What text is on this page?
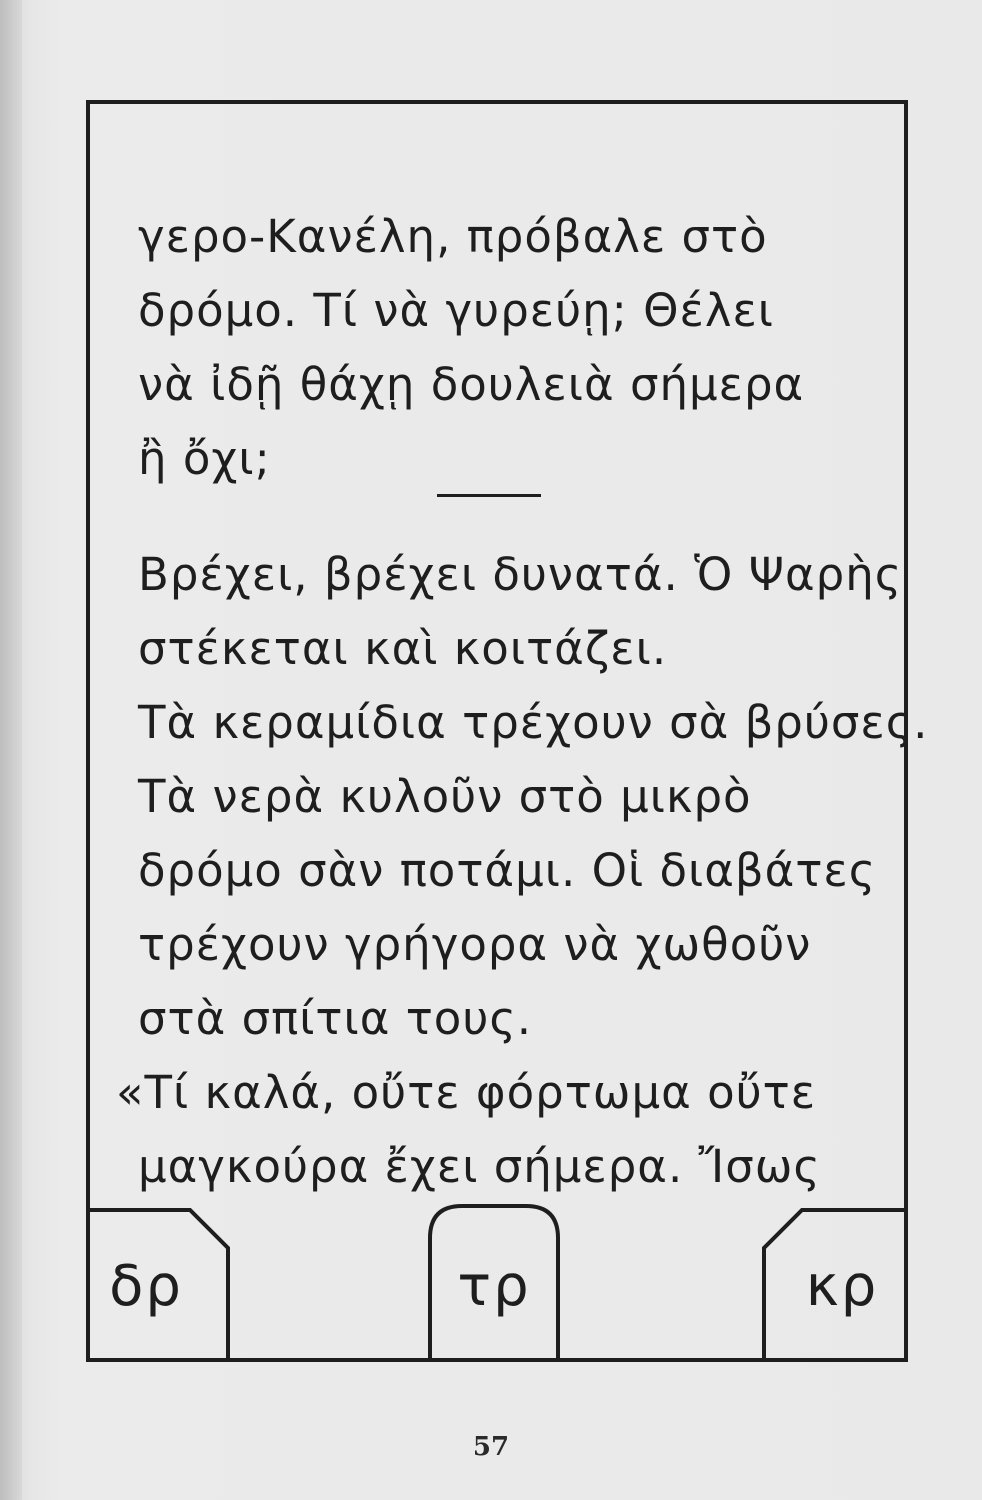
γερο-Κανέλη, πρόβαλε στὸ
δρόμο. Τί νὰ γυρεύῃ; Θέλει
νὰ ἰδῇ θάχῃ δουλειὰ σήμερα
ἢ ὄχι;
Βρέχει, βρέχει δυνατά. Ὁ Ψαρὴς
στέκεται καὶ κοιτάζει.
Τὰ κεραμίδια τρέχουν σὰ βρύσες.
Τὰ νερὰ κυλοῦν στὸ μικρὸ
δρόμο σὰν ποτάμι. Οἱ διαβάτες
τρέχουν γρήγορα νὰ χωθοῦν
στὰ σπίτια τους.
«Τί καλά, οὔτε φόρτωμα οὔτε
μαγκούρα ἔχει σήμερα. Ἴσως
δρ	τρ	κρ
57
